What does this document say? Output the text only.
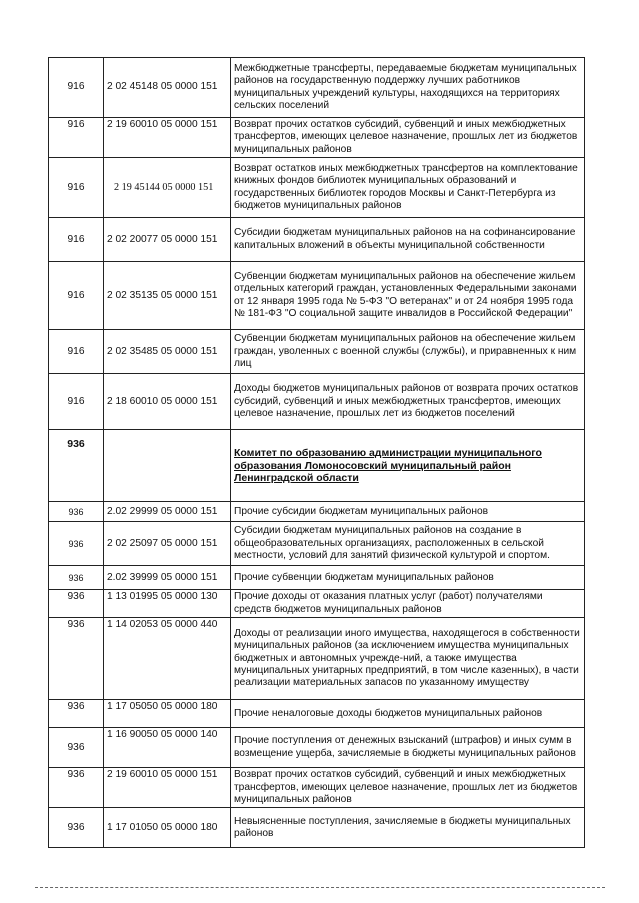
916	2 02 45148 05 0000 151	Межбюджетные трансферты, передаваемые бюджетам муниципальных районов на государственную поддержку лучших работников муниципальных учреждений культуры, находящихся на территориях сельских поселений
916	2 19 60010 05 0000 151	Возврат прочих остатков субсидий, субвенций и иных межбюджетных трансфертов, имеющих целевое назначение, прошлых лет из бюджетов муниципальных районов
916	2 19 45144 05 0000 151	Возврат остатков иных межбюджетных трансфертов на комплектование книжных фондов библиотек муниципальных образований и государственных библиотек городов Москвы и Санкт-Петербурга из бюджетов муниципальных районов
916	2 02 20077 05 0000 151	Субсидии бюджетам муниципальных районов на на софинансирование капитальных вложений в объекты муниципальной собственности
916	2 02 35135 05 0000 151	Субвенции бюджетам муниципальных районов на обеспечение жильем отдельных категорий граждан, установленных Федеральными законами от 12 января 1995 года № 5-ФЗ "О ветеранах" и от 24 ноября 1995 года № 181-ФЗ "О социальной защите инвалидов в Российской Федерации"
916	2 02 35485 05 0000 151	Субвенции бюджетам муниципальных районов на обеспечение жильем граждан, уволенных с военной службы (службы), и приравненных к ним лиц
916	2 18 60010 05 0000 151	Доходы бюджетов муниципальных районов от возврата прочих остатков субсидий, субвенций и иных межбюджетных трансфертов, имеющих целевое назначение, прошлых лет из бюджетов поселений
936		Комитет по образованию администрации муниципального образования Ломоносовский муниципальный район Ленинградской области
936	2.02 29999 05 0000 151	Прочие субсидии бюджетам муниципальных районов
936	2 02 25097 05 0000 151	Субсидии бюджетам муниципальных районов на создание в общеобразовательных организациях, расположенных в сельской местности, условий для занятий физической культурой и спортом.
936	2.02 39999 05 0000 151	Прочие субвенции бюджетам муниципальных районов
936	1 13 01995 05 0000 130	Прочие доходы от оказания платных услуг (работ) получателями средств бюджетов муниципальных районов
936	1 14 02053 05 0000 440	Доходы от реализации иного имущества, находящегося в собственности муниципальных районов (за исключением имущества муниципальных бюджетных и автономных учрежде-ний, а также имущества муниципальных унитарных предприятий, в том числе казенных), в части реализации материальных запасов по указанному имуществу
936	1 17 05050 05 0000 180	Прочие неналоговые доходы бюджетов муниципальных районов
936	1 16 90050 05 0000 140	Прочие поступления от денежных взысканий (штрафов) и иных сумм в возмещение ущерба, зачисляемые в бюджеты муниципальных районов
936	2 19 60010 05 0000 151	Возврат прочих остатков субсидий, субвенций и иных межбюджетных трансфертов, имеющих целевое назначение, прошлых лет из бюджетов муниципальных районов
936	1 17 01050 05 0000 180	Невыясненные поступления, зачисляемые в бюджеты муниципальных районов
